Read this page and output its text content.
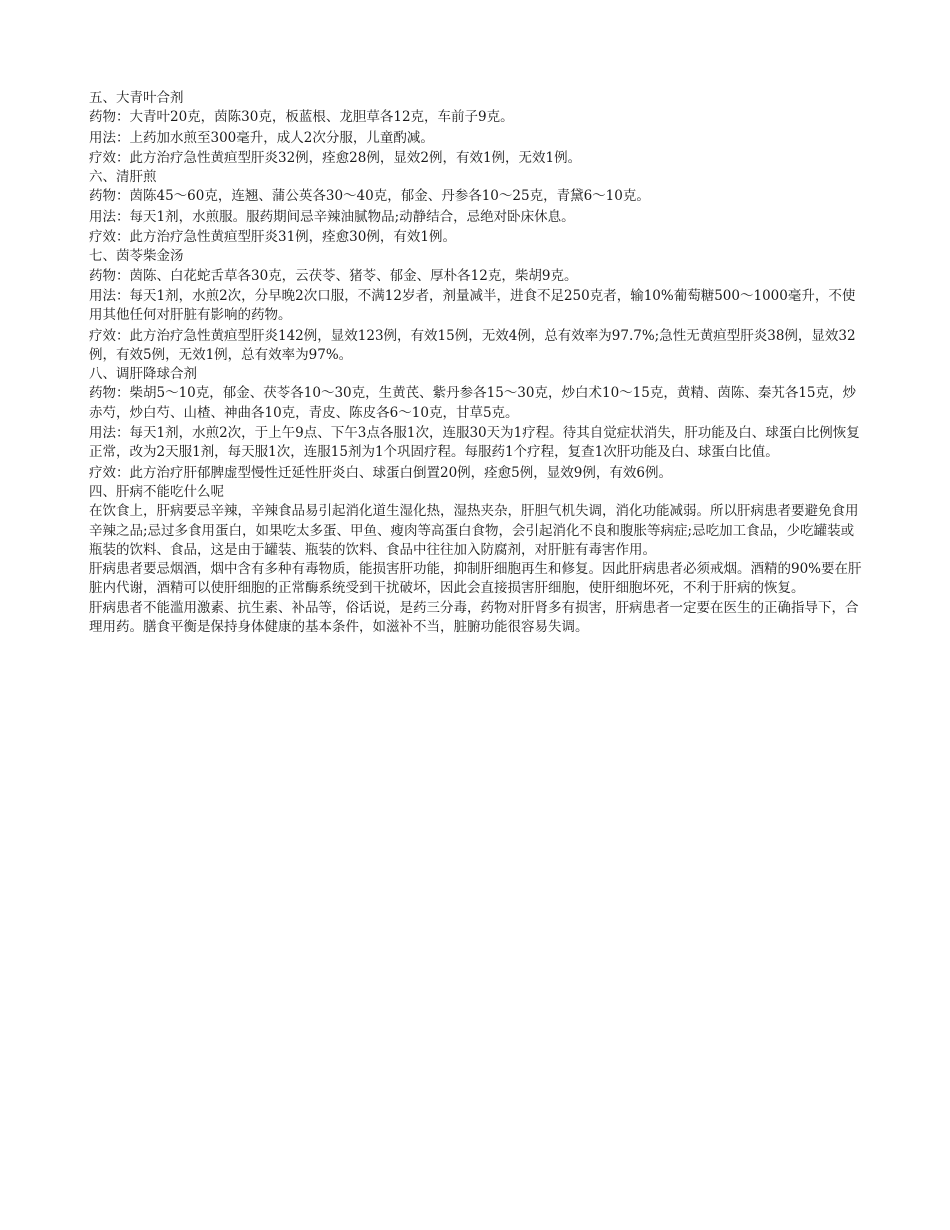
五、大青叶合剂

药物：大青叶20克，茵陈30克，板蓝根、龙胆草各12克，车前子9克。

用法：上药加水煎至300毫升，成人2次分服，儿童酌减。

疗效：此方治疗急性黄疸型肝炎32例，痊愈28例，显效2例，有效1例，无效1例。

六、清肝煎

药物：茵陈45～60克，连翘、蒲公英各30～40克，郁金、丹参各10～25克，青黛6～10克。

用法：每天1剂，水煎服。服药期间忌辛辣油腻物品;动静结合，忌绝对卧床休息。

疗效：此方治疗急性黄疸型肝炎31例，痊愈30例，有效1例。

七、茵苓柴金汤

药物：茵陈、白花蛇舌草各30克，云茯苓、猪苓、郁金、厚朴各12克，柴胡9克。

用法：每天1剂，水煎2次，分早晚2次口服，不满12岁者，剂量减半，进食不足250克者，输10%葡萄糖500～1000毫升，不使用其他任何对肝脏有影响的药物。

疗效：此方治疗急性黄疸型肝炎142例，显效123例，有效15例，无效4例，总有效率为97.7%;急性无黄疸型肝炎38例，显效32例，有效5例，无效1例，总有效率为97%。

八、调肝降球合剂

药物：柴胡5～10克，郁金、茯苓各10～30克，生黄芪、紫丹参各15～30克，炒白术10～15克，黄精、茵陈、秦艽各15克，炒赤芍，炒白芍、山楂、神曲各10克，青皮、陈皮各6～10克，甘草5克。

用法：每天1剂，水煎2次，于上午9点、下午3点各服1次，连服30天为1疗程。待其自觉症状消失，肝功能及白、球蛋白比例恢复正常，改为2天服1剂，每天服1次，连服15剂为1个巩固疗程。每服药1个疗程，复查1次肝功能及白、球蛋白比值。

疗效：此方治疗肝郁脾虚型慢性迁延性肝炎白、球蛋白倒置20例，痊愈5例，显效9例，有效6例。

四、肝病不能吃什么呢

在饮食上，肝病要忌辛辣，辛辣食品易引起消化道生湿化热，湿热夹杂，肝胆气机失调，消化功能减弱。所以肝病患者要避免食用辛辣之品;忌过多食用蛋白，如果吃太多蛋、甲鱼、瘦肉等高蛋白食物，会引起消化不良和腹胀等病症;忌吃加工食品，少吃罐装或瓶装的饮料、食品，这是由于罐装、瓶装的饮料、食品中往往加入防腐剂，对肝脏有毒害作用。

肝病患者要忌烟酒，烟中含有多种有毒物质，能损害肝功能，抑制肝细胞再生和修复。因此肝病患者必须戒烟。酒精的90%要在肝脏内代谢，酒精可以使肝细胞的正常酶系统受到干扰破坏，因此会直接损害肝细胞，使肝细胞坏死，不利于肝病的恢复。

肝病患者不能滥用激素、抗生素、补品等，俗话说，是药三分毒，药物对肝肾多有损害，肝病患者一定要在医生的正确指导下，合理用药。膳食平衡是保持身体健康的基本条件，如滋补不当，脏腑功能很容易失调。
